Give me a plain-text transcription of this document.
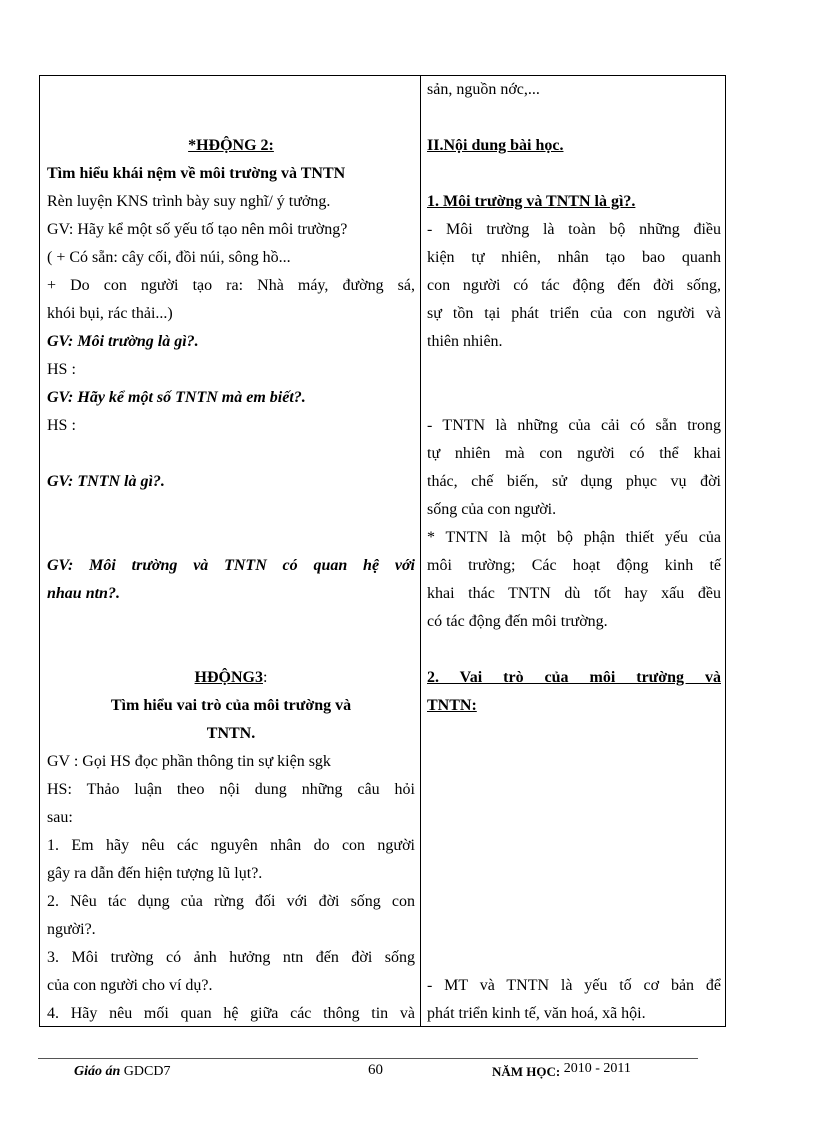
*HĐỘNG 2:

Tìm hiểu khái nệm về môi trường và TNTN

Rèn luyện KNS trình bày suy nghĩ/ ý tưởng.

GV: Hãy kể một số yếu tố tạo nên môi trường?

( + Có sẵn: cây cối, đồi núi, sông hồ...

+ Do con người tạo ra: Nhà máy, đường sá,

khói bụi, rác thải...)

GV: Môi trường là gì?.

HS :

GV: Hãy kể một số TNTN mà em biết?.

HS :

GV: TNTN là gì?.

GV: Môi trường và TNTN có quan hệ với

nhau ntn?.

HĐỘNG3:

Tìm hiểu vai trò của môi trường và

TNTN.

GV : Gọi HS đọc phần thông tin sự kiện sgk

HS: Thảo luận theo nội dung những câu hỏi

sau:

1. Em hãy nêu các nguyên nhân do con người

gây ra dẫn đến hiện tượng lũ lụt?.

2. Nêu tác dụng của rừng đối với đời sống con

người?.

3. Môi trường có ảnh hưởng ntn đến đời sống

của con người cho ví dụ?.

4. Hãy nêu mối quan hệ giữa các thông tin và

sản, nguồn nớc,...

II.Nội dung bài học.

1. Môi trường và TNTN là gì?.

- Môi trường là toàn bộ những điều

kiện tự nhiên, nhân tạo bao quanh

con người có tác động đến đời sống,

sự tồn tại phát triển của con người và

thiên nhiên.

- TNTN là những của cải có sẵn trong

tự nhiên mà con người có thể khai

thác, chế biến, sử dụng phục vụ đời

sống của con người.

* TNTN là một bộ phận thiết yếu của

môi trường; Các hoạt động kinh tế

khai thác TNTN dù tốt hay xấu đều

có tác động đến môi trường.

2. Vai trò của môi trường và

TNTN:

- MT và TNTN là yếu tố cơ bản để

phát triển kinh tế, văn hoá, xã hội.

Giáo án GDCD7	60	NĂM HỌC: 2010 - 2011
